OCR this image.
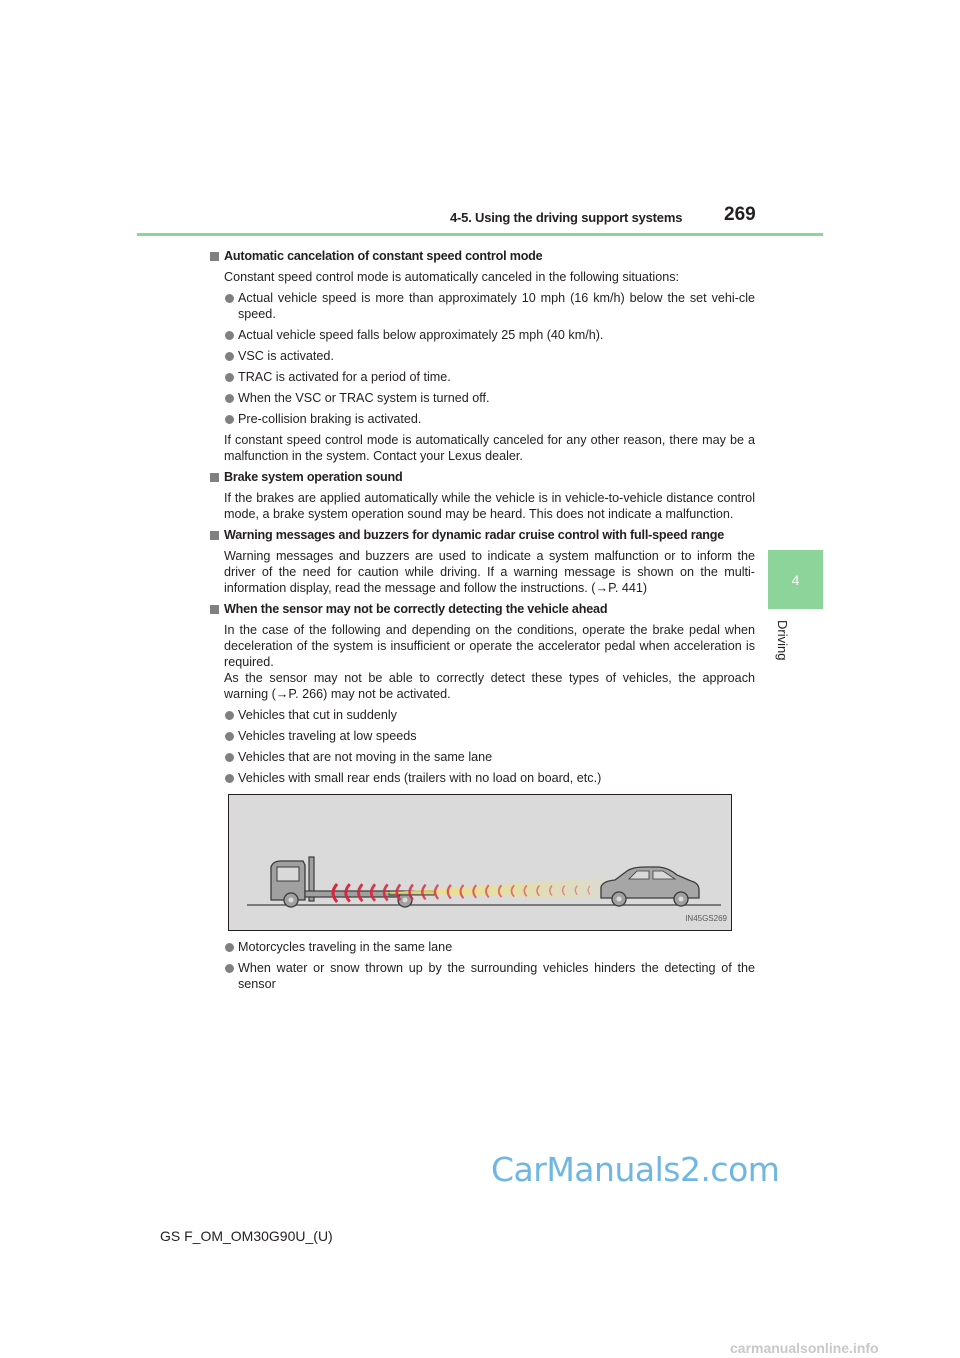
4-5. Using the driving support systems	269
4
Driving
Automatic cancelation of constant speed control mode
Constant speed control mode is automatically canceled in the following situations:
Actual vehicle speed is more than approximately 10 mph (16 km/h) below the set vehi-cle speed.
Actual vehicle speed falls below approximately 25 mph (40 km/h).
VSC is activated.
TRAC is activated for a period of time.
When the VSC or TRAC system is turned off.
Pre-collision braking is activated.
If constant speed control mode is automatically canceled for any other reason, there may be a malfunction in the system. Contact your Lexus dealer.
Brake system operation sound
If the brakes are applied automatically while the vehicle is in vehicle-to-vehicle distance control mode, a brake system operation sound may be heard. This does not indicate a malfunction.
Warning messages and buzzers for dynamic radar cruise control with full-speed range
Warning messages and buzzers are used to indicate a system malfunction or to inform the driver of the need for caution while driving. If a warning message is shown on the multi-information display, read the message and follow the instructions. (→P. 441)
When the sensor may not be correctly detecting the vehicle ahead
In the case of the following and depending on the conditions, operate the brake pedal when deceleration of the system is insufficient or operate the accelerator pedal when acceleration is required.
As the sensor may not be able to correctly detect these types of vehicles, the approach warning (→P. 266) may not be activated.
Vehicles that cut in suddenly
Vehicles traveling at low speeds
Vehicles that are not moving in the same lane
Vehicles with small rear ends (trailers with no load on board, etc.)
IN45GS269
Motorcycles traveling in the same lane
When water or snow thrown up by the surrounding vehicles hinders the detecting of the sensor
CarManuals2.com
GS F_OM_OM30G90U_(U)
carmanualsonline.info
